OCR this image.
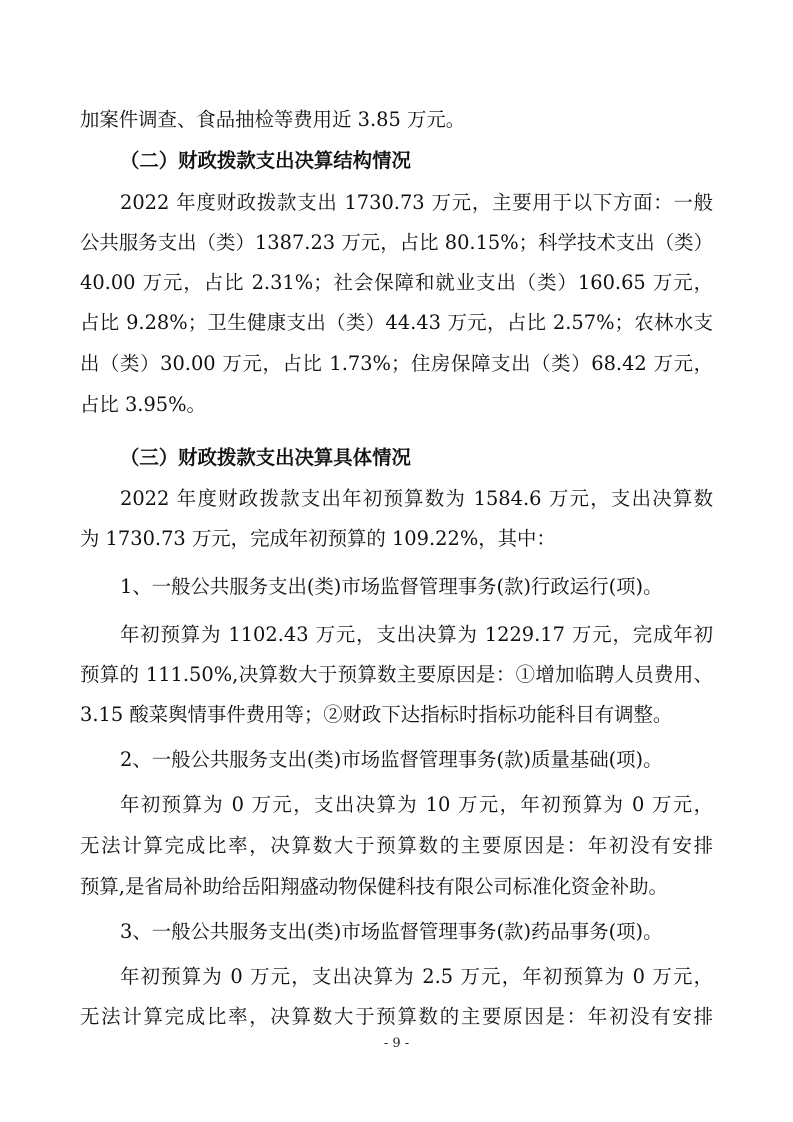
加案件调查、食品抽检等费用近 3.85 万元。
（二）财政拨款支出决算结构情况
2022 年度财政拨款支出 1730.73 万元，主要用于以下方面：一般
公共服务支出（类）1387.23 万元，占比 80.15%；科学技术支出（类）
40.00 万元，占比 2.31%；社会保障和就业支出（类）160.65 万元，
占比 9.28%；卫生健康支出（类）44.43 万元，占比 2.57%；农林水支
出（类）30.00 万元，占比 1.73%；住房保障支出（类）68.42 万元，
占比 3.95%。
（三）财政拨款支出决算具体情况
2022 年度财政拨款支出年初预算数为 1584.6 万元，支出决算数
为 1730.73 万元，完成年初预算的 109.22%，其中：
1、一般公共服务支出(类)市场监督管理事务(款)行政运行(项)。
年初预算为 1102.43 万元，支出决算为 1229.17 万元，完成年初
预算的 111.50%,决算数大于预算数主要原因是：①增加临聘人员费用、
3.15 酸菜舆情事件费用等；②财政下达指标时指标功能科目有调整。
2、一般公共服务支出(类)市场监督管理事务(款)质量基础(项)。
年初预算为 0 万元，支出决算为 10 万元，年初预算为 0 万元，
无法计算完成比率，决算数大于预算数的主要原因是：年初没有安排
预算,是省局补助给岳阳翔盛动物保健科技有限公司标准化资金补助。
3、一般公共服务支出(类)市场监督管理事务(款)药品事务(项)。
年初预算为 0 万元，支出决算为 2.5 万元，年初预算为 0 万元，
无法计算完成比率，决算数大于预算数的主要原因是：年初没有安排
- 9 -
